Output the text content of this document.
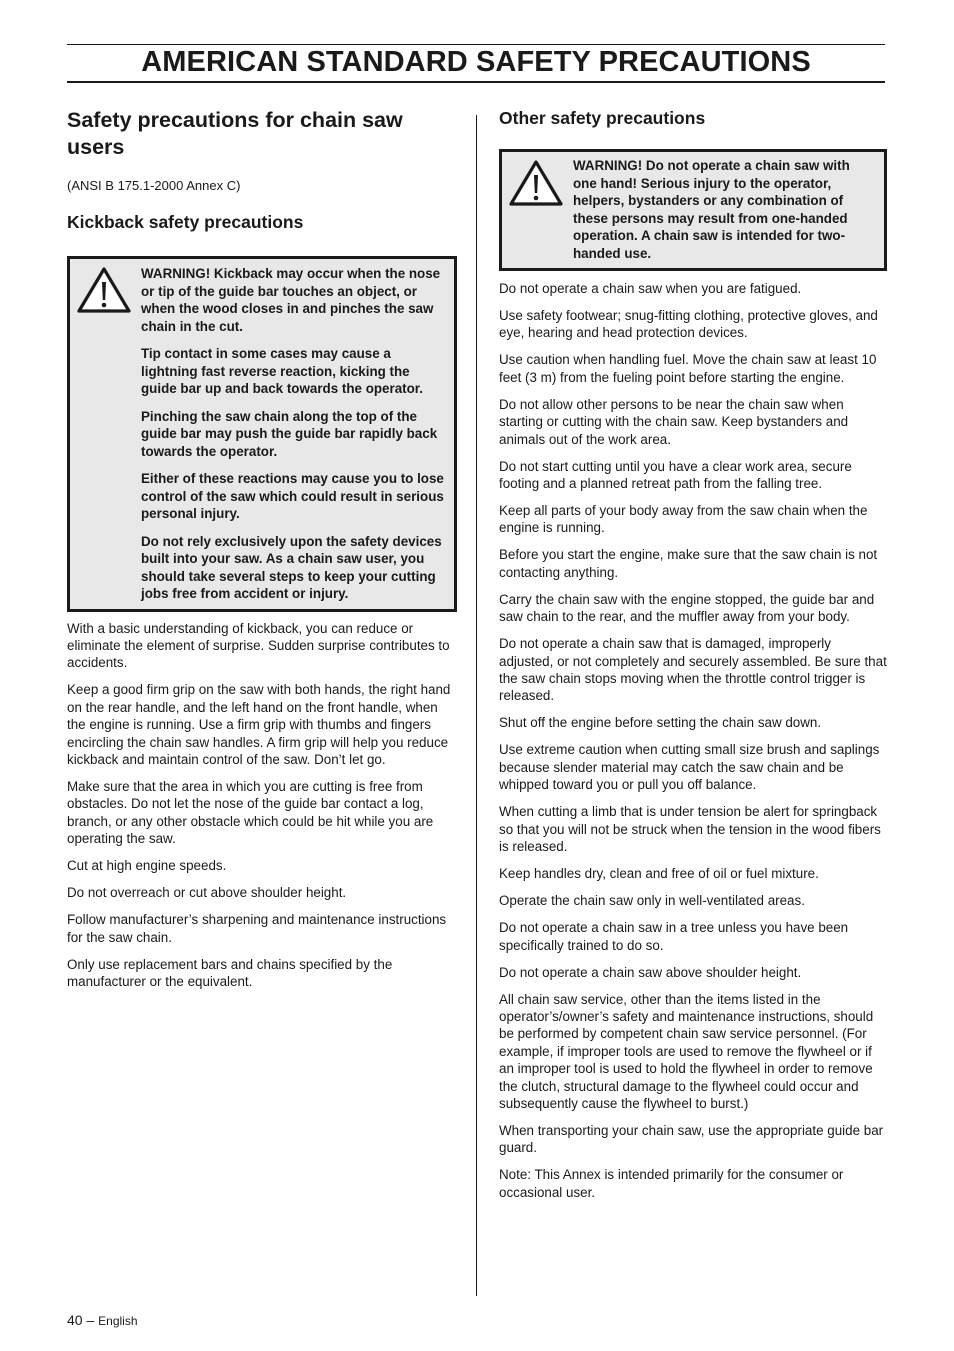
AMERICAN STANDARD SAFETY PRECAUTIONS
Safety precautions for chain saw users

(ANSI B 175.1-2000 Annex C)

Kickback safety precautions

WARNING! Kickback may occur when the nose or tip of the guide bar touches an object, or when the wood closes in and pinches the saw chain in the cut.

Tip contact in some cases may cause a lightning fast reverse reaction, kicking the guide bar up and back towards the operator.

Pinching the saw chain along the top of the guide bar may push the guide bar rapidly back towards the operator.

Either of these reactions may cause you to lose control of the saw which could result in serious personal injury.

Do not rely exclusively upon the safety devices built into your saw. As a chain saw user, you should take several steps to keep your cutting jobs free from accident or injury.

With a basic understanding of kickback, you can reduce or eliminate the element of surprise. Sudden surprise contributes to accidents.

Keep a good firm grip on the saw with both hands, the right hand on the rear handle, and the left hand on the front handle, when the engine is running. Use a firm grip with thumbs and fingers encircling the chain saw handles. A firm grip will help you reduce kickback and maintain control of the saw. Don’t let go.

Make sure that the area in which you are cutting is free from obstacles. Do not let the nose of the guide bar contact a log, branch, or any other obstacle which could be hit while you are operating the saw.

Cut at high engine speeds.

Do not overreach or cut above shoulder height.

Follow manufacturer’s sharpening and maintenance instructions for the saw chain.

Only use replacement bars and chains specified by the manufacturer or the equivalent.

Other safety precautions

WARNING! Do not operate a chain saw with one hand! Serious injury to the operator, helpers, bystanders or any combination of these persons may result from one-handed operation. A chain saw is intended for two-handed use.

Do not operate a chain saw when you are fatigued.

Use safety footwear; snug-fitting clothing, protective gloves, and eye, hearing and head protection devices.

Use caution when handling fuel. Move the chain saw at least 10 feet (3 m) from the fueling point before starting the engine.

Do not allow other persons to be near the chain saw when starting or cutting with the chain saw. Keep bystanders and animals out of the work area.

Do not start cutting until you have a clear work area, secure footing and a planned retreat path from the falling tree.

Keep all parts of your body away from the saw chain when the engine is running.

Before you start the engine, make sure that the saw chain is not contacting anything.

Carry the chain saw with the engine stopped, the guide bar and saw chain to the rear, and the muffler away from your body.

Do not operate a chain saw that is damaged, improperly adjusted, or not completely and securely assembled. Be sure that the saw chain stops moving when the throttle control trigger is released.

Shut off the engine before setting the chain saw down.

Use extreme caution when cutting small size brush and saplings because slender material may catch the saw chain and be whipped toward you or pull you off balance.

When cutting a limb that is under tension be alert for springback so that you will not be struck when the tension in the wood fibers is released.

Keep handles dry, clean and free of oil or fuel mixture.

Operate the chain saw only in well-ventilated areas.

Do not operate a chain saw in a tree unless you have been specifically trained to do so.

Do not operate a chain saw above shoulder height.

All chain saw service, other than the items listed in the operator’s/owner’s safety and maintenance instructions, should be performed by competent chain saw service personnel. (For example, if improper tools are used to remove the flywheel or if an improper tool is used to hold the flywheel in order to remove the clutch, structural damage to the flywheel could occur and subsequently cause the flywheel to burst.)

When transporting your chain saw, use the appropriate guide bar guard.

Note: This Annex is intended primarily for the consumer or occasional user.

40 – English
